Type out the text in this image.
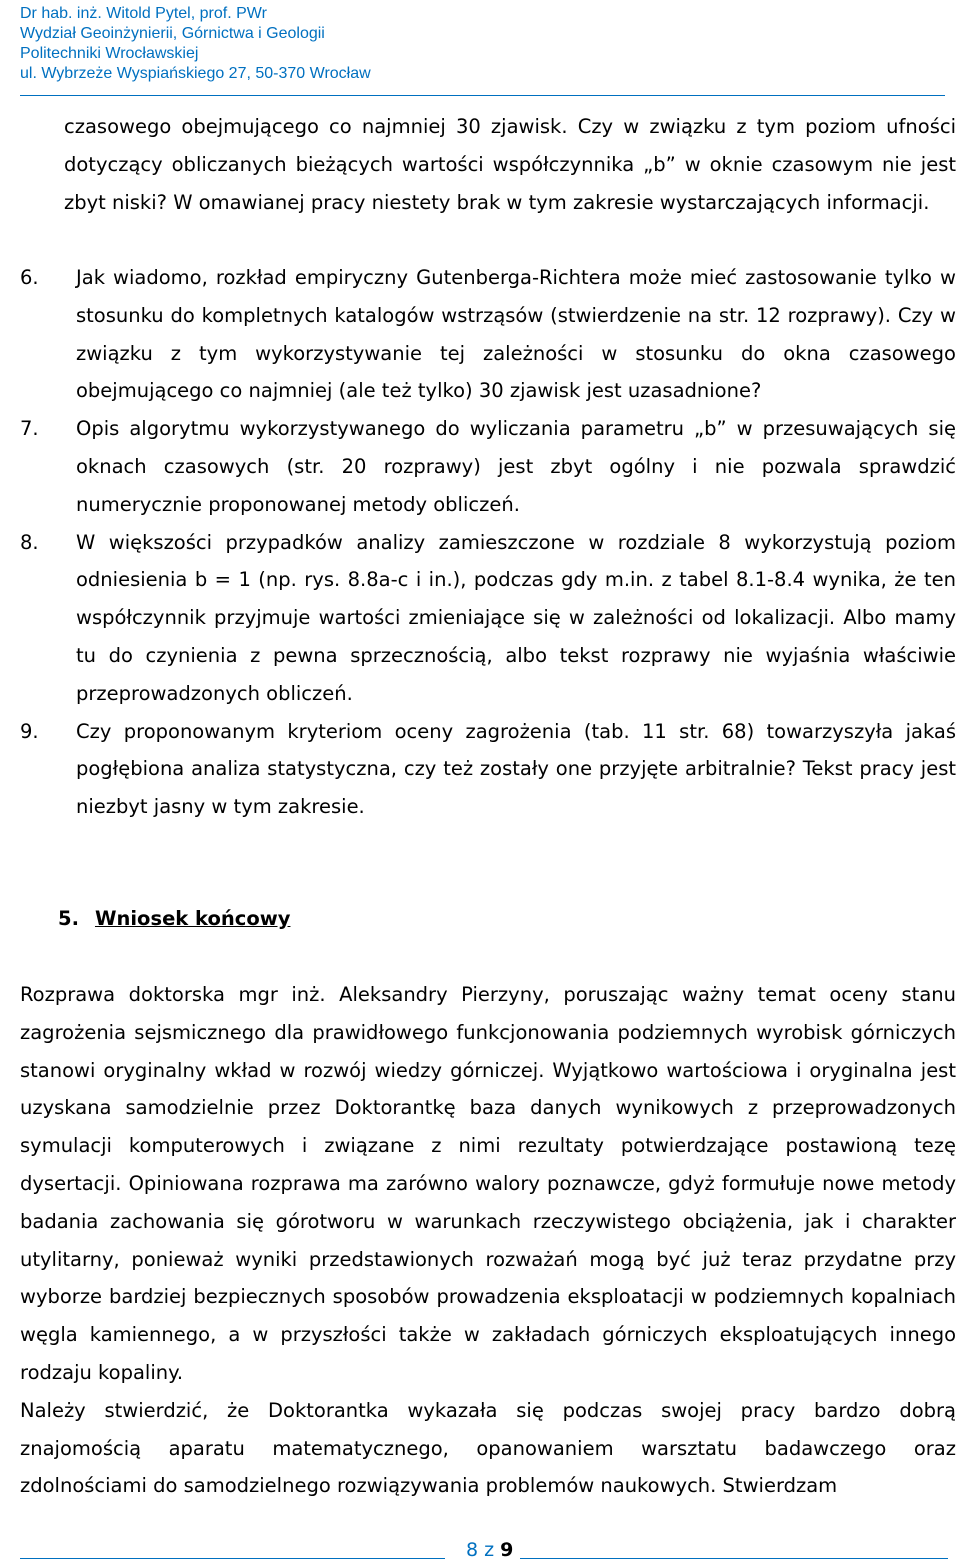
Dr hab. inż. Witold Pytel, prof. PWr
Wydział Geoinżynierii, Górnictwa i Geologii
Politechniki Wrocławskiej
ul. Wybrzeże Wyspiańskiego 27, 50-370 Wrocław
czasowego obejmującego co najmniej 30 zjawisk. Czy w związku z tym poziom ufności dotyczący obliczanych bieżących wartości współczynnika „b” w oknie czasowym nie jest zbyt niski? W omawianej pracy niestety brak w tym zakresie wystarczających informacji.
6. Jak wiadomo, rozkład empiryczny Gutenberga-Richtera może mieć zastosowanie tylko w stosunku do kompletnych katalogów wstrząsów (stwierdzenie na str. 12 rozprawy). Czy w związku z tym wykorzystywanie tej zależności w stosunku do okna czasowego obejmującego co najmniej (ale też tylko) 30 zjawisk jest uzasadnione?
7. Opis algorytmu wykorzystywanego do wyliczania parametru „b” w przesuwających się oknach czasowych (str. 20 rozprawy) jest zbyt ogólny i nie pozwala sprawdzić numerycznie proponowanej metody obliczeń.
8. W większości przypadków analizy zamieszczone w rozdziale 8 wykorzystują poziom odniesienia b = 1 (np. rys. 8.8a-c i in.), podczas gdy m.in. z tabel 8.1-8.4 wynika, że ten współczynnik przyjmuje wartości zmieniające się w zależności od lokalizacji. Albo mamy tu do czynienia z pewna sprzecznością, albo tekst rozprawy nie wyjaśnia właściwie przeprowadzonych obliczeń.
9. Czy proponowanym kryteriom oceny zagrożenia (tab. 11 str. 68) towarzyszyła jakaś pogłębiona analiza statystyczna, czy też zostały one przyjęte arbitralnie? Tekst pracy jest niezbyt jasny w tym zakresie.
5. Wniosek końcowy
Rozprawa doktorska mgr inż. Aleksandry Pierzyny, poruszając ważny temat oceny stanu zagrożenia sejsmicznego dla prawidłowego funkcjonowania podziemnych wyrobisk górniczych stanowi oryginalny wkład w rozwój wiedzy górniczej. Wyjątkowo wartościowa i oryginalna jest uzyskana samodzielnie przez Doktorantkę baza danych wynikowych z przeprowadzonych symulacji komputerowych i związane z nimi rezultaty potwierdzające postawioną tezę dysertacji. Opiniowana rozprawa ma zarówno walory poznawcze, gdyż formułuje nowe metody badania zachowania się górotworu w warunkach rzeczywistego obciążenia, jak i charakter utylitarny, ponieważ wyniki przedstawionych rozważań mogą być już teraz przydatne przy wyborze bardziej bezpiecznych sposobów prowadzenia eksploatacji w podziemnych kopalniach węgla kamiennego, a w przyszłości także w zakładach górniczych eksploatujących innego rodzaju kopaliny.
Należy stwierdzić, że Doktorantka wykazała się podczas swojej pracy bardzo dobrą znajomością aparatu matematycznego, opanowaniem warsztatu badawczego oraz zdolnościami do samodzielnego rozwiązywania problemów naukowych. Stwierdzam
8 z 9
